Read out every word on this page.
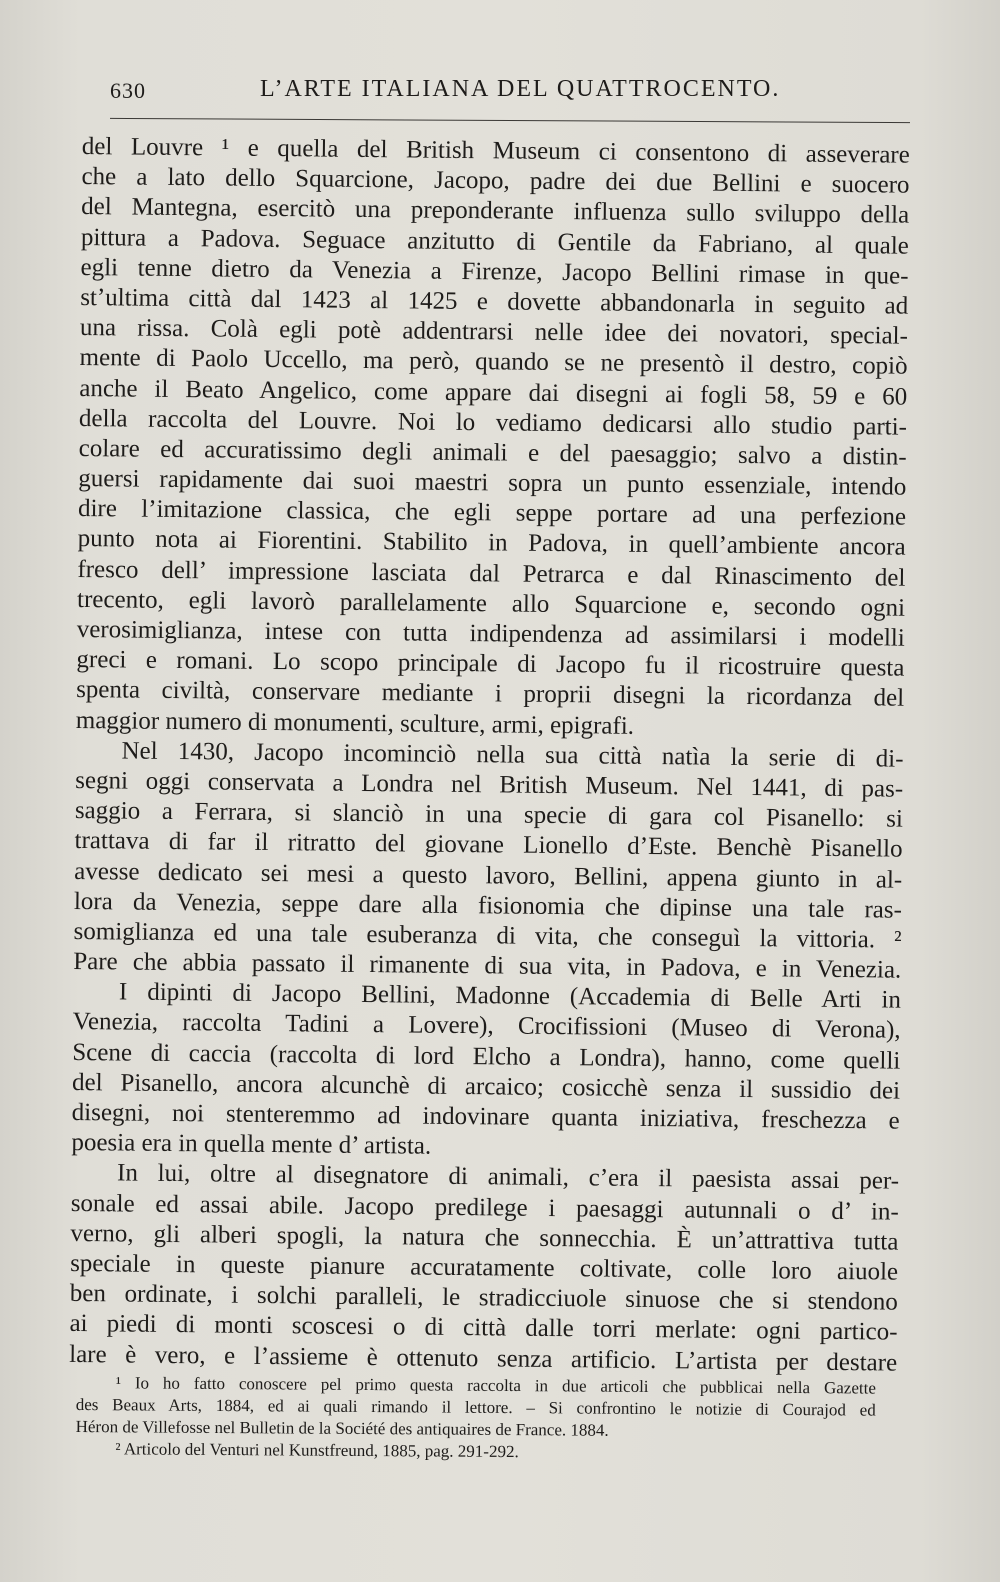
630	L’ARTE ITALIANA DEL QUATTROCENTO.
del Louvre ¹ e quella del British Museum ci consentono di asseverare
che a lato dello Squarcione, Jacopo, padre dei due Bellini e suocero
del Mantegna, esercitò una preponderante influenza sullo sviluppo della
pittura a Padova. Seguace anzitutto di Gentile da Fabriano, al quale
egli tenne dietro da Venezia a Firenze, Jacopo Bellini rimase in que-
st’ultima città dal 1423 al 1425 e dovette abbandonarla in seguito ad
una rissa. Colà egli potè addentrarsi nelle idee dei novatori, special-
mente di Paolo Uccello, ma però, quando se ne presentò il destro, copiò
anche il Beato Angelico, come appare dai disegni ai fogli 58, 59 e 60
della raccolta del Louvre. Noi lo vediamo dedicarsi allo studio parti-
colare ed accuratissimo degli animali e del paesaggio; salvo a distin-
guersi rapidamente dai suoi maestri sopra un punto essenziale, intendo
dire l’imitazione classica, che egli seppe portare ad una perfezione
punto nota ai Fiorentini. Stabilito in Padova, in quell’ambiente ancora
fresco dell’ impressione lasciata dal Petrarca e dal Rinascimento del
trecento, egli lavorò parallelamente allo Squarcione e, secondo ogni
verosimiglianza, intese con tutta indipendenza ad assimilarsi i modelli
greci e romani. Lo scopo principale di Jacopo fu il ricostruire questa
spenta civiltà, conservare mediante i proprii disegni la ricordanza del
maggior numero di monumenti, sculture, armi, epigrafi.
Nel 1430, Jacopo incominciò nella sua città natìa la serie di di-
segni oggi conservata a Londra nel British Museum. Nel 1441, di pas-
saggio a Ferrara, si slanciò in una specie di gara col Pisanello: si
trattava di far il ritratto del giovane Lionello d’Este. Benchè Pisanello
avesse dedicato sei mesi a questo lavoro, Bellini, appena giunto in al-
lora da Venezia, seppe dare alla fisionomia che dipinse una tale ras-
somiglianza ed una tale esuberanza di vita, che conseguì la vittoria. ²
Pare che abbia passato il rimanente di sua vita, in Padova, e in Venezia.
I dipinti di Jacopo Bellini, Madonne (Accademia di Belle Arti in
Venezia, raccolta Tadini a Lovere), Crocifissioni (Museo di Verona),
Scene di caccia (raccolta di lord Elcho a Londra), hanno, come quelli
del Pisanello, ancora alcunchè di arcaico; cosicchè senza il sussidio dei
disegni, noi stenteremmo ad indovinare quanta iniziativa, freschezza e
poesia era in quella mente d’ artista.
In lui, oltre al disegnatore di animali, c’era il paesista assai per-
sonale ed assai abile. Jacopo predilege i paesaggi autunnali o d’ in-
verno, gli alberi spogli, la natura che sonnecchia. È un’attrattiva tutta
speciale in queste pianure accuratamente coltivate, colle loro aiuole
ben ordinate, i solchi paralleli, le stradicciuole sinuose che si stendono
ai piedi di monti scoscesi o di città dalle torri merlate: ogni partico-
lare è vero, e l’assieme è ottenuto senza artificio. L’artista per destare
¹ Io ho fatto conoscere pel primo questa raccolta in due articoli che pubblicai nella Gazette
des Beaux Arts, 1884, ed ai quali rimando il lettore. – Si confrontino le notizie di Courajod ed
Héron de Villefosse nel Bulletin de la Société des antiquaires de France. 1884.
² Articolo del Venturi nel Kunstfreund, 1885, pag. 291-292.
